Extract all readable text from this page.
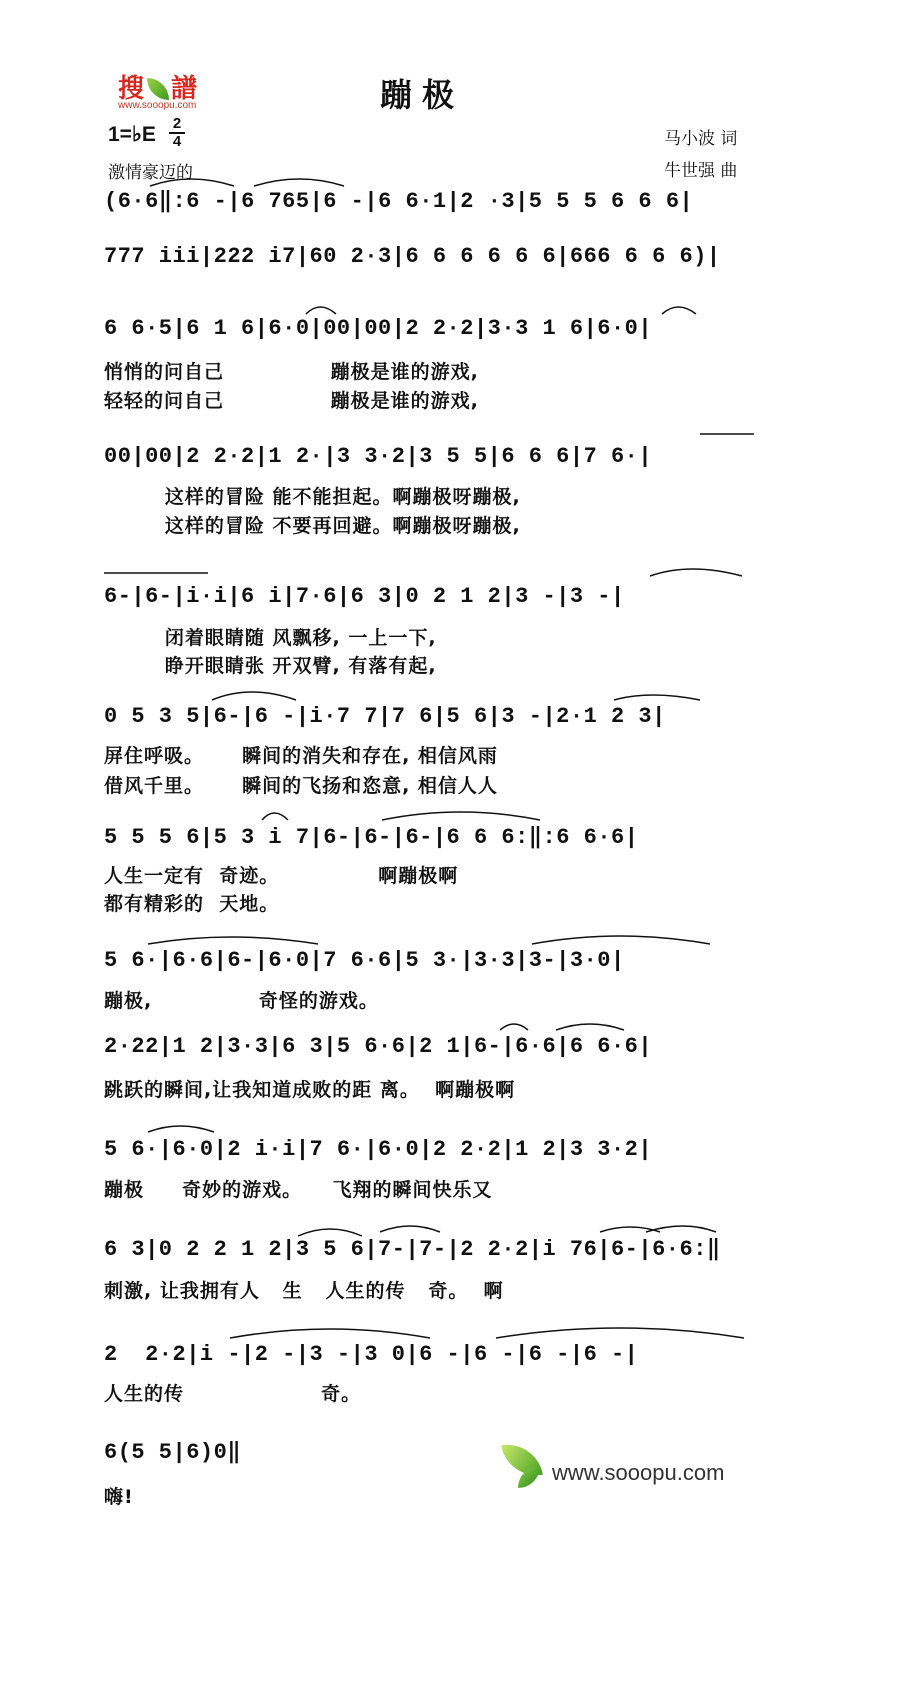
搜 譜
www.sooopu.com	蹦极
1=♭E	2
4
激情豪迈的
马小波 词
牛世强 曲
(6·6‖:6 -|6 765|6 -|6 6·1|2 ·3|5 5 5 6 6 6|
777 iii|222 i7|60 2·3|6 6 6 6 6 6|666 6 6 6)|
6 6·5|6 1 6|6·0|00|00|2 2·2|3·3 1 6|6·0|
悄悄的问自己              蹦极是谁的游戏,
轻轻的问自己              蹦极是谁的游戏,
00|00|2 2·2|1 2·|3 3·2|3 5 5|6 6 6|7 6·|
这样的冒险 能不能担起。啊蹦极呀蹦极,
这样的冒险 不要再回避。啊蹦极呀蹦极,
6-|6-|i·i|6 i|7·6|6 3|0 2 1 2|3 -|3 -|
闭着眼睛随 风飘移, 一上一下,
睁开眼睛张 开双臂, 有落有起,
0 5 3 5|6-|6 -|i·7 7|7 6|5 6|3 -|2·1 2 3|
屏住呼吸。     瞬间的消失和存在, 相信风雨
借风千里。     瞬间的飞扬和恣意, 相信人人
5 5 5 6|5 3 i 7|6-|6-|6-|6 6 6:‖:6 6·6|
人生一定有  奇迹。             啊蹦极啊
都有精彩的  天地。
5 6·|6·6|6-|6·0|7 6·6|5 3·|3·3|3-|3·0|
蹦极,              奇怪的游戏。
2·22|1 2|3·3|6 3|5 6·6|2 1|6-|6·6|6 6·6|
跳跃的瞬间,让我知道成败的距 离。  啊蹦极啊
5 6·|6·0|2 i·i|7 6·|6·0|2 2·2|1 2|3 3·2|
蹦极     奇妙的游戏。    飞翔的瞬间快乐又
6 3|0 2 2 1 2|3 5 6|7-|7-|2 2·2|i 76|6-|6·6:‖
刺激, 让我拥有人   生   人生的传   奇。  啊
2  2·2|i -|2 -|3 -|3 0|6 -|6 -|6 -|6 -|
人生的传                  奇。
6(5 5|6)0‖
嗨!
www.sooopu.com
